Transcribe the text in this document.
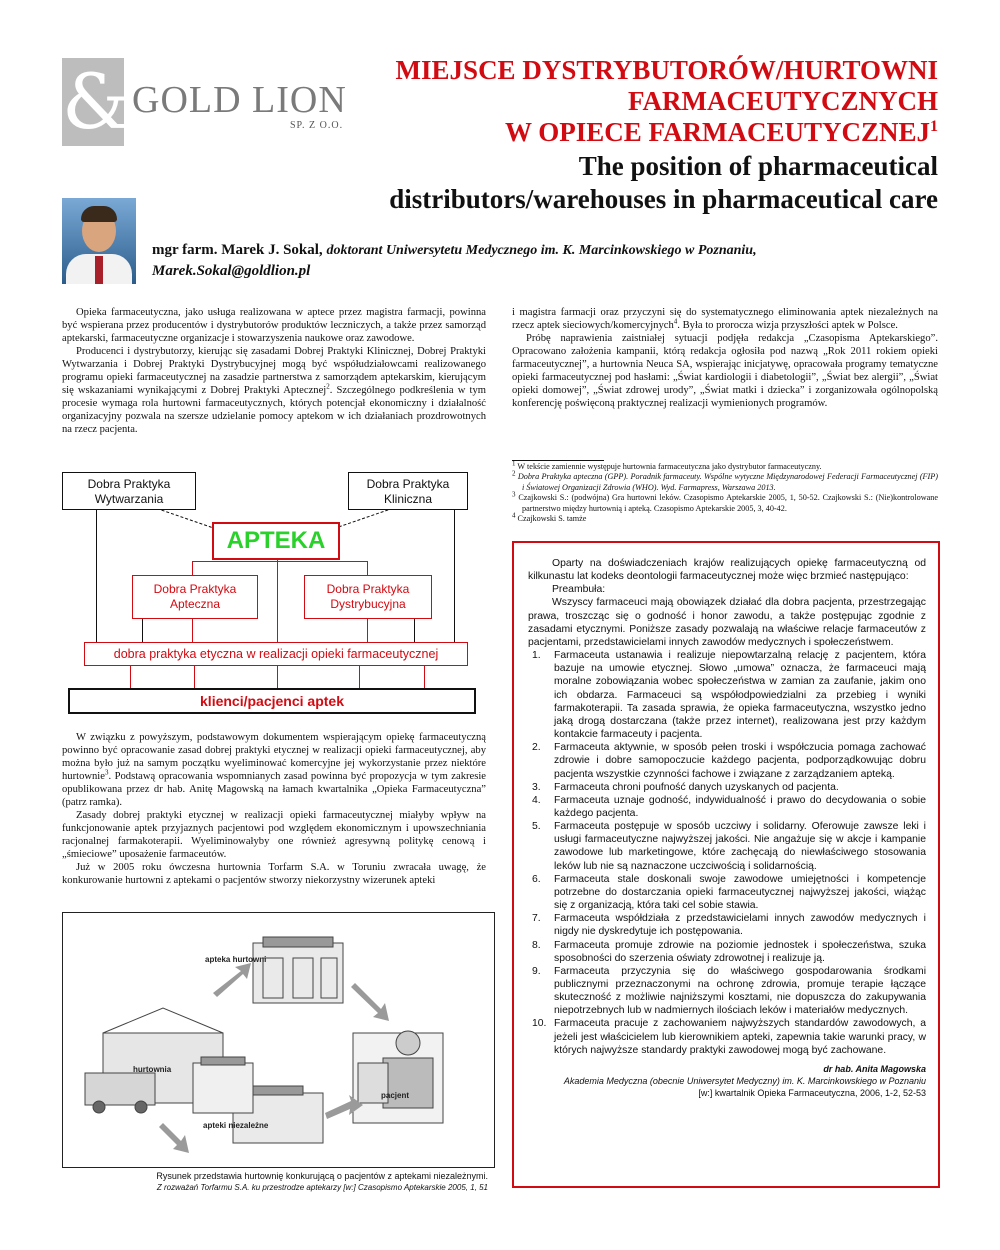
& GOLD LION
SP. Z O.O.
MIEJSCE DYSTRYBUTORÓW/HURTOWNI
FARMACEUTYCZNYCH
W OPIECE FARMACEUTYCZNEJ$^1$
The position of pharmaceutical
distributors/warehouses in pharmaceutical care
mgr farm. Marek J. Sokal, doktorant Uniwersytetu Medycznego im. K. Marcinkowskiego w Poznaniu,
Marek.Sokal@goldlion.pl

Opieka farmaceutyczna, jako usługa realizowana w aptece przez magistra farmacji, powinna być wspierana przez producentów i dystrybutorów produktów leczniczych, a także przez samorząd aptekarski, farmaceutyczne organizacje i stowarzyszenia naukowe oraz zawodowe.

Producenci i dystrybutorzy, kierując się zasadami Dobrej Praktyki Klinicznej, Dobrej Praktyki Wytwarzania i Dobrej Praktyki Dystrybucyjnej mogą być współudziałowcami realizowanego programu opieki farmaceutycznej na zasadzie partnerstwa z samorządem aptekarskim, kierującym się wskazaniami wynikającymi z Dobrej Praktyki Aptecznej$^2$. Szczególnego podkreślenia w tym procesie wymaga rola hurtowni farmaceutycznych, których potencjał ekonomiczny i działalność organizacyjny pozwala na szersze udzielanie pomocy aptekom w ich działaniach prozdrowotnych na rzecz pacjenta.

Dobra Praktyka
Wytwarzania
Dobra Praktyka
Kliniczna
APTEKA
Dobra Praktyka
Apteczna
Dobra Praktyka
Dystrybucyjna
dobra praktyka etyczna w realizacji opieki farmaceutycznej
klienci/pacjenci aptek

W związku z powyższym, podstawowym dokumentem wspierającym opiekę farmaceutyczną powinno być opracowanie zasad dobrej praktyki etycznej w realizacji opieki farmaceutycznej, aby można było już na samym początku wyeliminować komercyjne jej wykorzystanie przez niektóre hurtownie$^3$. Podstawą opracowania wspomnianych zasad powinna być propozycja w tym zakresie opublikowana przez dr hab. Anitę Magowską na łamach kwartalnika „Opieka Farmaceutyczna” (patrz ramka).

Zasady dobrej praktyki etycznej w realizacji opieki farmaceutycznej miałyby wpływ na funkcjonowanie aptek przyjaznych pacjentowi pod względem ekonomicznym i upowszechniania racjonalnej farmakoterapii. Wyeliminowałyby one również agresywną politykę cenową i „śmieciowe” uposażenie farmaceutów.

Już w 2005 roku ówczesna hurtownia Torfarm S.A. w Toruniu zwracała uwagę, że konkurowanie hurtowni z aptekami o pacjentów stworzy niekorzystny wizerunek apteki

i magistra farmacji oraz przyczyni się do systematycznego eliminowania aptek niezależnych na rzecz aptek sieciowych/komercyjnych$^4$. Była to prorocza wizja przyszłości aptek w Polsce.

Próbę naprawienia zaistniałej sytuacji podjęła redakcja „Czasopisma Aptekarskiego”. Opracowano założenia kampanii, którą redakcja ogłosiła pod nazwą „Rok 2011 rokiem opieki farmaceutycznej”, a hurtownia Neuca SA, wspierając inicjatywę, opracowała programy tematyczne opieki farmaceutycznej pod hasłami: „Świat kardiologii i diabetologii”, „Świat bez alergii”, „Świat opieki domowej”, „Świat zdrowej urody”, „Świat matki i dziecka” i zorganizowała ogólnopolską konferencję poświęconą praktycznej realizacji wymienionych programów.

$^1$ W tekście zamiennie występuje hurtownia farmaceutyczna jako dystrybutor farmaceutyczny.
$^2$ Dobra Praktyka apteczna (GPP). Poradnik farmaceuty. Wspólne wytyczne Międzynarodowej Federacji Farmaceutycznej (FIP) i Światowej Organizacji Zdrowia (WHO). Wyd. Farmapress, Warszawa 2013.
$^3$ Czajkowski S.: (podwójna) Gra hurtowni leków. Czasopismo Aptekarskie 2005, 1, 50-52. Czajkowski S.: (Nie)kontrolowane partnerstwo między hurtownią i apteką. Czasopismo Aptekarskie 2005, 3, 40-42.
$^4$ Czajkowski S. tamże
Oparty na doświadczeniach krajów realizujących opiekę farmaceutyczną od kilkunastu lat kodeks deontologii farmaceutycznej może więc brzmieć następująco:
Preambuła:
Wszyscy farmaceuci mają obowiązek działać dla dobra pacjenta, przestrzegając prawa, troszcząc się o godność i honor zawodu, a także postępując zgodnie z zasadami etycznymi. Poniższe zasady pozwalają na właściwe relacje farmaceutów z pacjentami, przedstawicielami innych zawodów medycznych i społeczeństwem.
1.	Farmaceuta ustanawia i realizuje niepowtarzalną relację z pacjentem, która bazuje na umowie etycznej. Słowo „umowa” oznacza, że farmaceuci mają moralne zobowiązania wobec społeczeństwa w zamian za zaufanie, jakim ono ich obdarza. Farmaceuci są współodpowiedzialni za przebieg i wyniki farmakoterapii. Ta zasada sprawia, że opieka farmaceutyczna, wszystko jedno jaką drogą dostarczana (także przez internet), realizowana jest przy każdym kontakcie farmaceuty i pacjenta.
2.	Farmaceuta aktywnie, w sposób pełen troski i współczucia pomaga zachować zdrowie i dobre samopoczucie każdego pacjenta, podporządkowując dobru pacjenta wszystkie czynności fachowe i związane z zarządzaniem apteką.
3.	Farmaceuta chroni poufność danych uzyskanych od pacjenta.
4.	Farmaceuta uznaje godność, indywidualność i prawo do decydowania o sobie każdego pacjenta.
5.	Farmaceuta postępuje w sposób uczciwy i solidarny. Oferowuje zawsze leki i usługi farmaceutyczne najwyższej jakości. Nie angażuje się w akcje i kampanie zawodowe lub marketingowe, które zachęcają do niewłaściwego stosowania leków lub nie są naznaczone uczciwością i solidarnością.
6.	Farmaceuta stale doskonali swoje zawodowe umiejętności i kompetencje potrzebne do dostarczania opieki farmaceutycznej najwyższej jakości, wiążąc się z organizacją, która taki cel sobie stawia.
7.	Farmaceuta współdziała z przedstawicielami innych zawodów medycznych i nigdy nie dyskredytuje ich postępowania.
8.	Farmaceuta promuje zdrowie na poziomie jednostek i społeczeństwa, szuka sposobności do szerzenia oświaty zdrowotnej i realizuje ją.
9.	Farmaceuta przyczynia się do właściwego gospodarowania środkami publicznymi przeznaczonymi na ochronę zdrowia, promuje terapie łączące skuteczność z możliwie najniższymi kosztami, nie dopuszcza do zakupywania niepotrzebnych lub w nadmiernych ilościach leków i materiałów medycznych.
10. Farmaceuta pracuje z zachowaniem najwyższych standardów zawodowych, a jeżeli jest właścicielem lub kierownikiem apteki, zapewnia takie warunki pracy, w których najwyższe standardy praktyki zawodowej mogą być zachowane.
dr hab. Anita Magowska
Akademia Medyczna (obecnie Uniwersytet Medyczny) im. K. Marcinkowskiego w Poznaniu
[w:] kwartalnik Opieka Farmaceutyczna, 2006, 1-2, 52-53
apteka hurtowni
hurtownia
pacjent
apteki niezależne
Rysunek przedstawia hurtownię konkurującą o pacjentów z aptekami niezależnymi.
Z rozważań Torfarmu S.A. ku przestrodze aptekarzy [w:] Czasopismo Aptekarskie 2005, 1, 51
